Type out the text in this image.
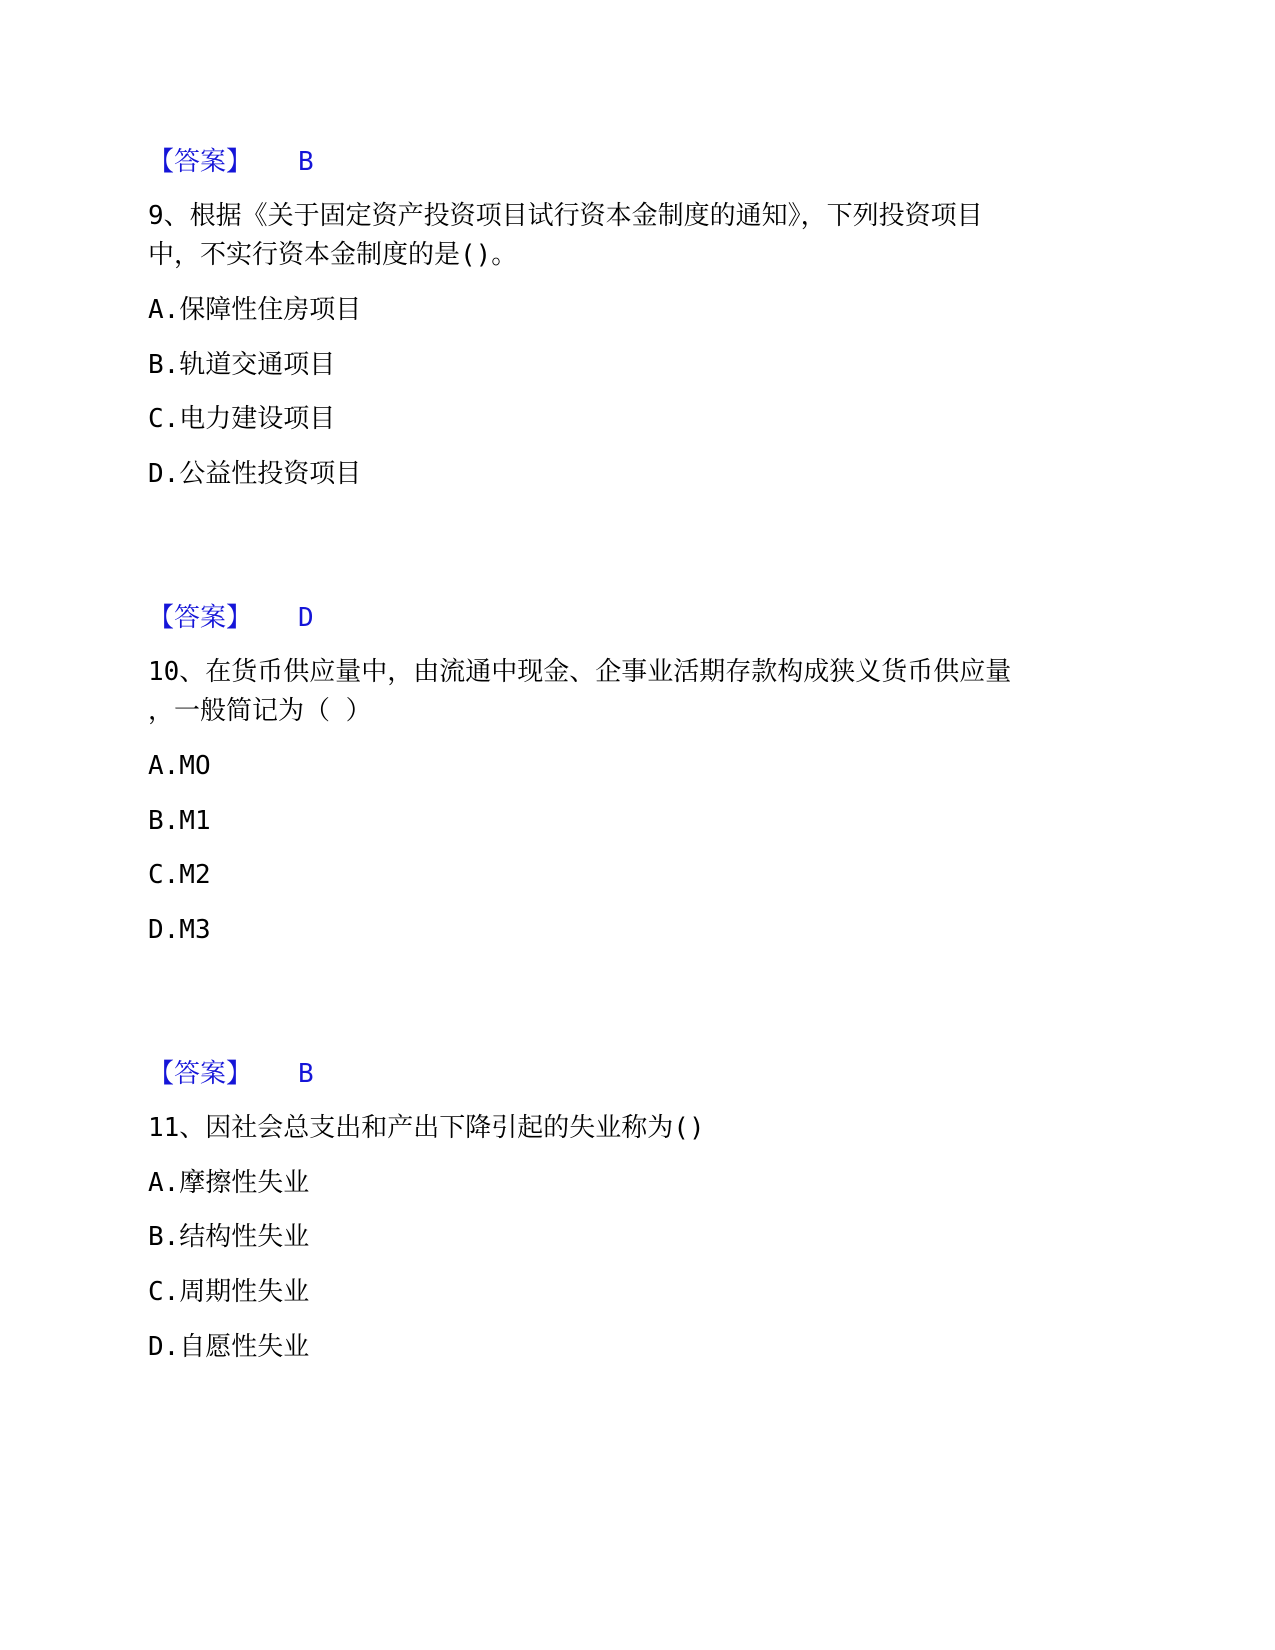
【答案】 B
9、根据《关于固定资产投资项目试行资本金制度的通知》，下列投资项目
中，不实行资本金制度的是()。
A.保障性住房项目
B.轨道交通项目
C.电力建设项目
D.公益性投资项目
【答案】 D
10、在货币供应量中，由流通中现金、企事业活期存款构成狭义货币供应量
，一般简记为（ ）
A.MO
B.M1
C.M2
D.M3
【答案】 B
11、因社会总支出和产出下降引起的失业称为()
A.摩擦性失业
B.结构性失业
C.周期性失业
D.自愿性失业
